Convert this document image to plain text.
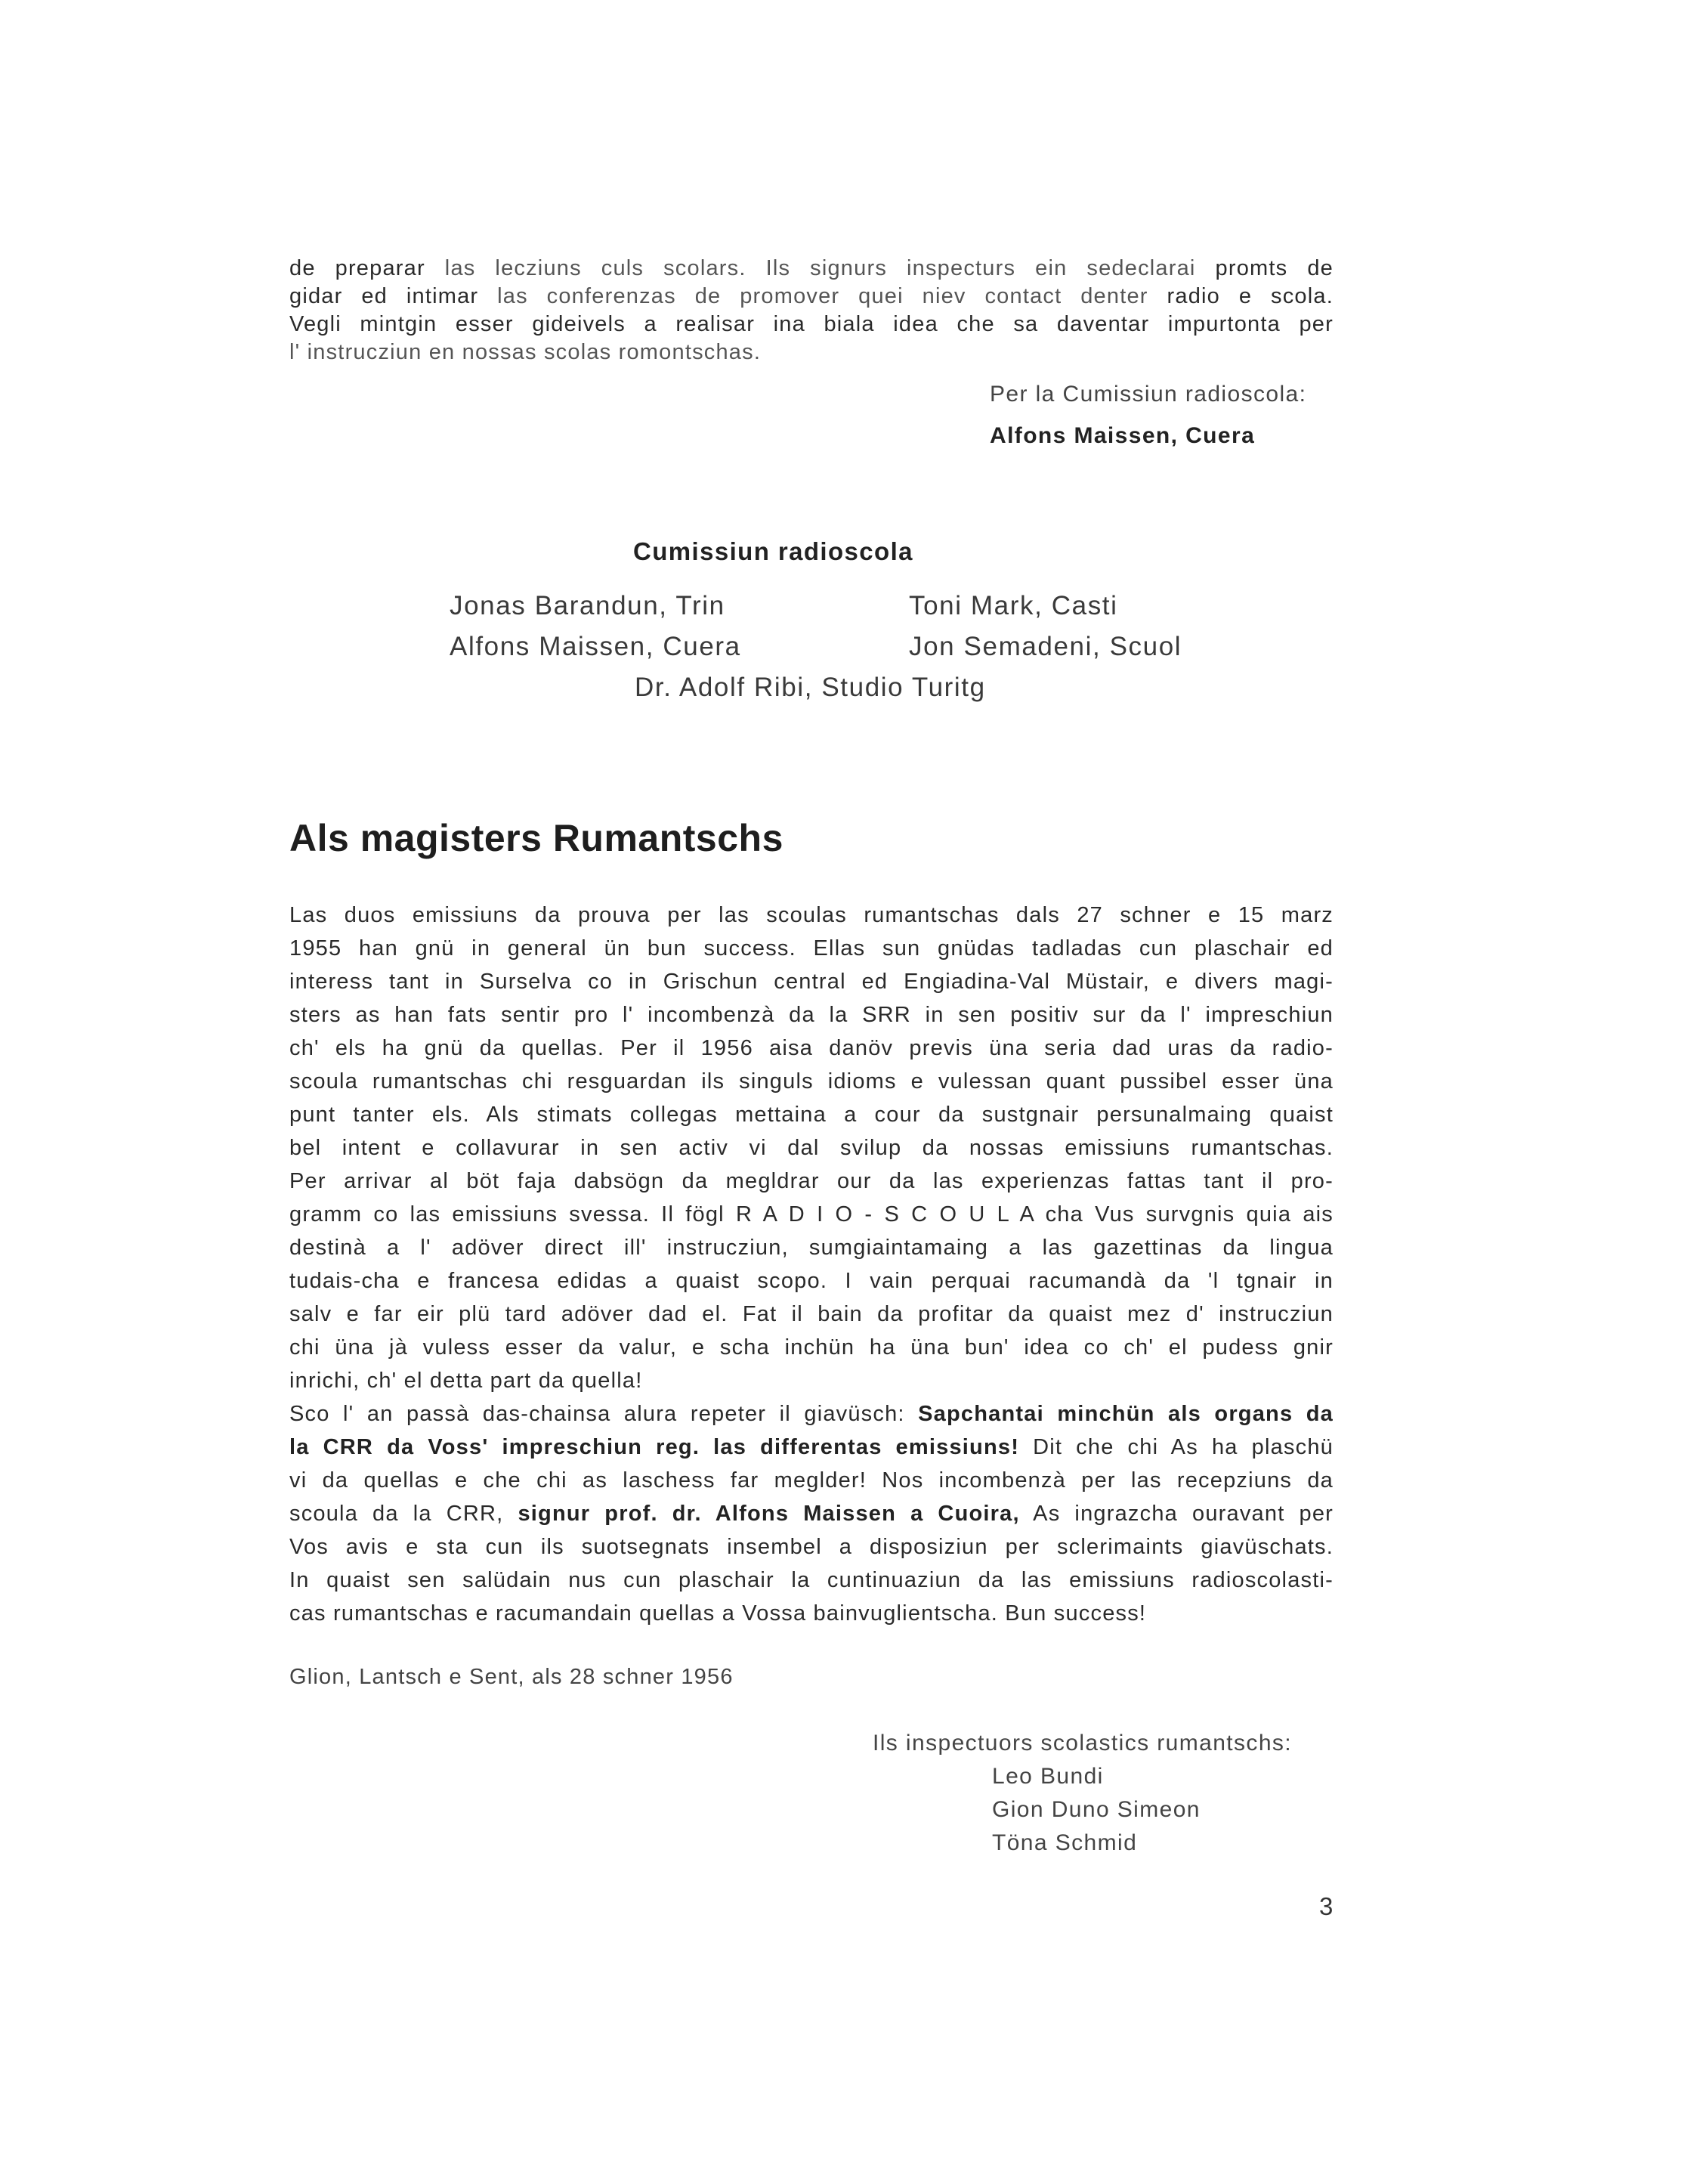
de preparar las lecziuns culs scolars. Ils signurs inspecturs ein sedeclarai promts de
gidar ed intimar las conferenzas de promover quei niev contact denter radio e scola.
Vegli mintgin esser gideivels a realisar ina biala idea che sa daventar impurtonta per
l' instrucziun en nossas scolas romontschas.

Per la Cumissiun radioscola:
Alfons Maissen, Cuera
Cumissiun radioscola
Jonas Barandun, Trin	Toni Mark, Casti
Alfons Maissen, Cuera	Jon Semadeni, Scuol
Dr. Adolf Ribi, Studio Turitg
Als magisters Rumantschs

Las duos emissiuns da prouva per las scoulas rumantschas dals 27 schner e 15 marz
1955 han gnü in general ün bun success. Ellas sun gnüdas tadladas cun plaschair ed
interess tant in Surselva co in Grischun central ed Engiadina-Val Müstair, e divers magi-
sters as han fats sentir pro l' incombenzà da la SRR in sen positiv sur da l' impreschiun
ch' els ha gnü da quellas. Per il 1956 aisa danöv previs üna seria dad uras da radio-
scoula rumantschas chi resguardan ils singuls idioms e vulessan quant pussibel esser üna
punt tanter els. Als stimats collegas mettaina a cour da sustgnair persunalmaing quaist
bel intent e collavurar in sen activ vi dal svilup da nossas emissiuns rumantschas.
Per arrivar al böt faja dabsögn da megldrar our da las experienzas fattas tant il pro-
gramm co las emissiuns svessa. Il fögl R A D I O - S C O U L A cha Vus survgnis quia ais
destinà a l' adöver direct ill' instrucziun, sumgiaintamaing a las gazettinas da lingua
tudais-cha e francesa edidas a quaist scopo. I vain perquai racumandà da 'l tgnair in
salv e far eir plü tard adöver dad el. Fat il bain da profitar da quaist mez d' instrucziun
chi üna jà vuless esser da valur, e scha inchün ha üna bun' idea co ch' el pudess gnir
inrichi, ch' el detta part da quella!
Sco l' an passà das-chainsa alura repeter il giavüsch: Sapchantai minchün als organs da
la CRR da Voss' impreschiun reg. las differentas emissiuns! Dit che chi As ha plaschü
vi da quellas e che chi as laschess far meglder! Nos incombenzà per las recepziuns da
scoula da la CRR, signur prof. dr. Alfons Maissen a Cuoira, As ingrazcha ouravant per
Vos avis e sta cun ils suotsegnats insembel a disposiziun per sclerimaints giavüschats.
In quaist sen salüdain nus cun plaschair la cuntinuaziun da las emissiuns radioscolasti-
cas rumantschas e racumandain quellas a Vossa bainvuglientscha. Bun success!

Glion, Lantsch e Sent, als 28 schner 1956
Ils inspectuors scolastics rumantschs:
Leo Bundi
Gion Duno Simeon
Töna Schmid
3
